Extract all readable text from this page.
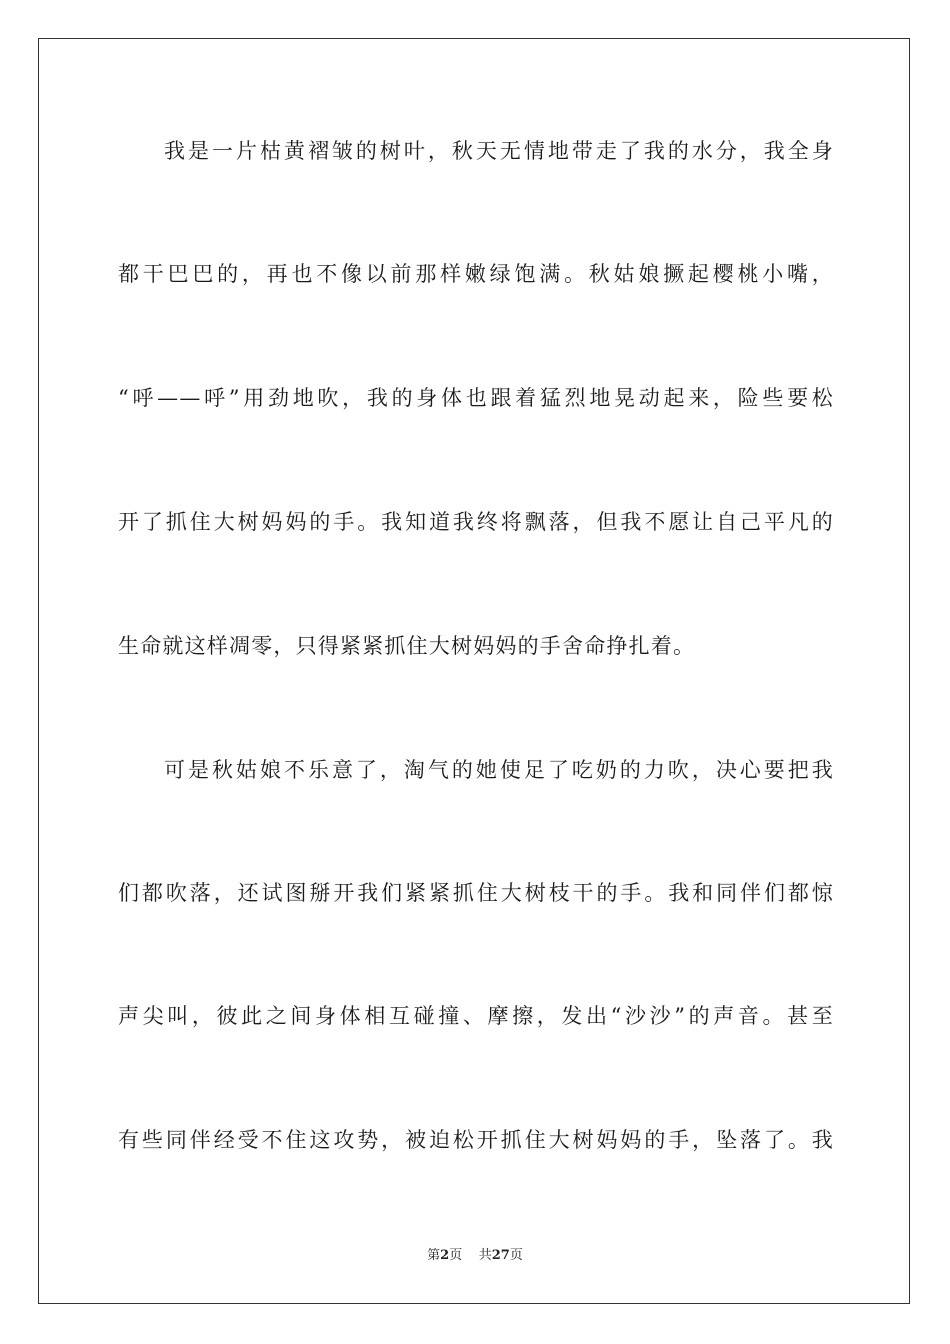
我是一片枯黄褶皱的树叶，秋天无情地带走了我的水分，我全身
都干巴巴的，再也不像以前那样嫩绿饱满。秋姑娘撅起樱桃小嘴，
“呼——呼”用劲地吹，我的身体也跟着猛烈地晃动起来，险些要松
开了抓住大树妈妈的手。我知道我终将飘落，但我不愿让自己平凡的
生命就这样凋零，只得紧紧抓住大树妈妈的手舍命挣扎着。
可是秋姑娘不乐意了，淘气的她使足了吃奶的力吹，决心要把我
们都吹落，还试图掰开我们紧紧抓住大树枝干的手。我和同伴们都惊
声尖叫，彼此之间身体相互碰撞、摩擦，发出“沙沙”的声音。甚至
有些同伴经受不住这攻势，被迫松开抓住大树妈妈的手，坠落了。我
第2页 共27页
